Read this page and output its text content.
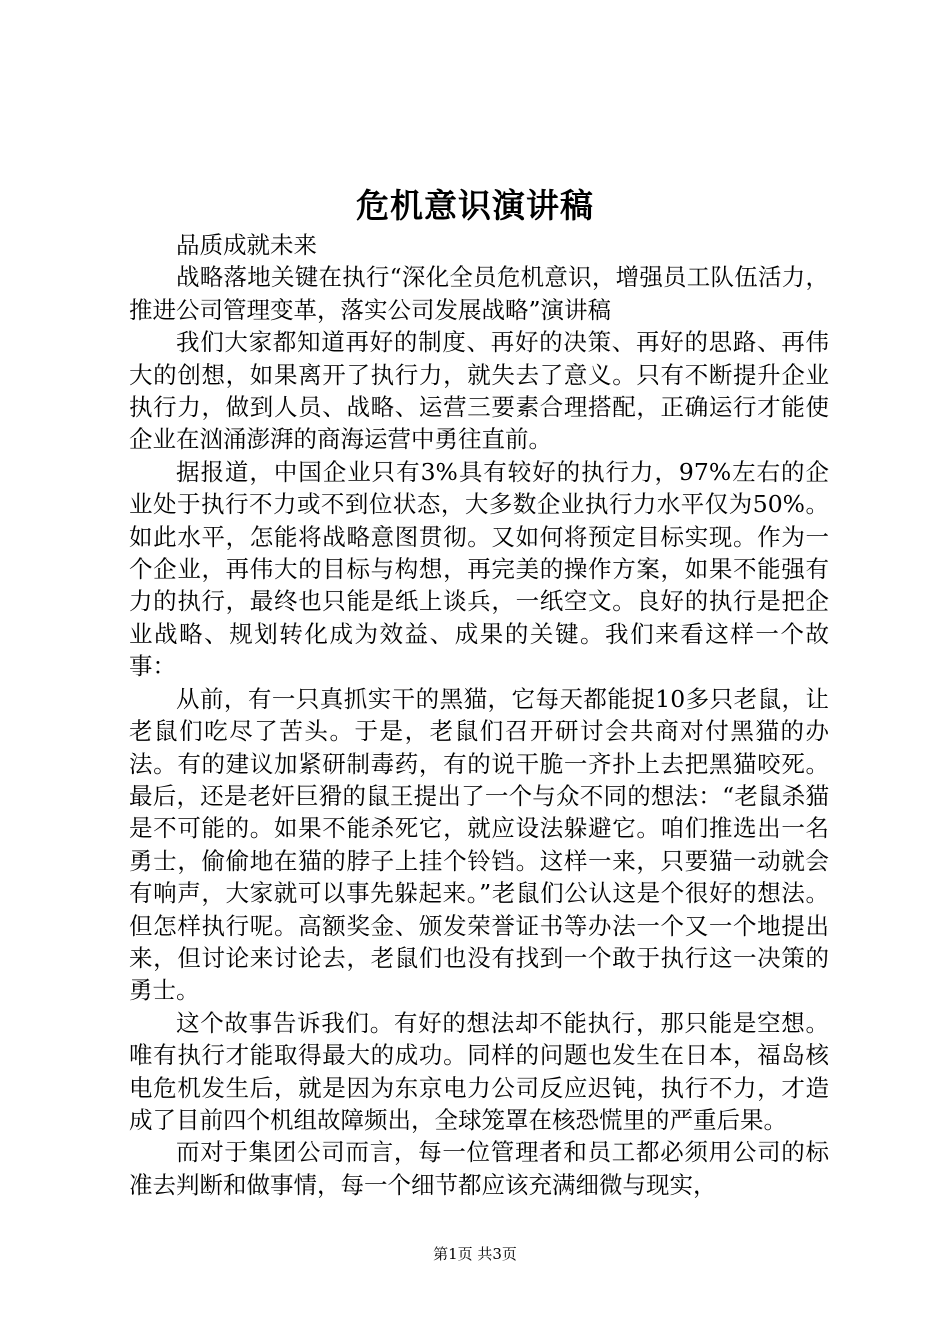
危机意识演讲稿

品质成就未来

战略落地关键在执行“深化全员危机意识，增强员工队伍活力，推进公司管理变革，落实公司发展战略”演讲稿

我们大家都知道再好的制度、再好的决策、再好的思路、再伟大的创想，如果离开了执行力，就失去了意义。只有不断提升企业执行力，做到人员、战略、运营三要素合理搭配，正确运行才能使企业在汹涌澎湃的商海运营中勇往直前。

据报道，中国企业只有3%具有较好的执行力，97%左右的企业处于执行不力或不到位状态，大多数企业执行力水平仅为50%。如此水平，怎能将战略意图贯彻。又如何将预定目标实现。作为一个企业，再伟大的目标与构想，再完美的操作方案，如果不能强有力的执行，最终也只能是纸上谈兵，一纸空文。良好的执行是把企业战略、规划转化成为效益、成果的关键。我们来看这样一个故事：

从前，有一只真抓实干的黑猫，它每天都能捉10多只老鼠，让老鼠们吃尽了苦头。于是，老鼠们召开研讨会共商对付黑猫的办法。有的建议加紧研制毒药，有的说干脆一齐扑上去把黑猫咬死。最后，还是老奸巨猾的鼠王提出了一个与众不同的想法：“老鼠杀猫是不可能的。如果不能杀死它，就应设法躲避它。咱们推选出一名勇士，偷偷地在猫的脖子上挂个铃铛。这样一来，只要猫一动就会有响声，大家就可以事先躲起来。”老鼠们公认这是个很好的想法。但怎样执行呢。高额奖金、颁发荣誉证书等办法一个又一个地提出来，但讨论来讨论去，老鼠们也没有找到一个敢于执行这一决策的勇士。

这个故事告诉我们。有好的想法却不能执行，那只能是空想。唯有执行才能取得最大的成功。同样的问题也发生在日本，福岛核电危机发生后，就是因为东京电力公司反应迟钝，执行不力，才造成了目前四个机组故障频出，全球笼罩在核恐慌里的严重后果。

而对于集团公司而言，每一位管理者和员工都必须用公司的标准去判断和做事情，每一个细节都应该充满细微与现实，

第1页 共3页
